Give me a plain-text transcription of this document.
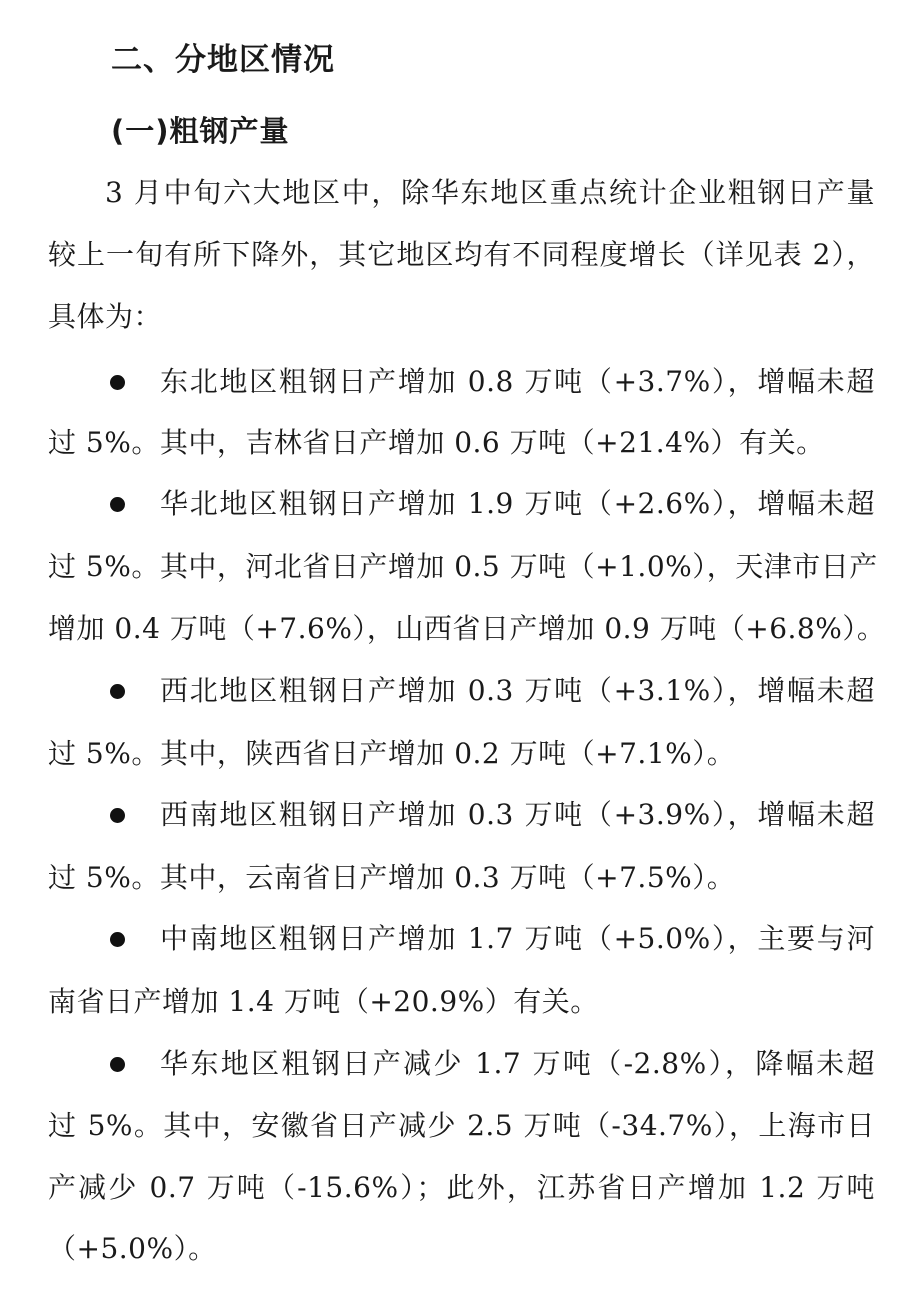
二、分地区情况
(一)粗钢产量
3 月中旬六大地区中，除华东地区重点统计企业粗钢日产量
较上一旬有所下降外，其它地区均有不同程度增长（详见表 2），
具体为：
东北地区粗钢日产增加 0.8 万吨（+3.7%），增幅未超
过 5%。其中，吉林省日产增加 0.6 万吨（+21.4%）有关。
华北地区粗钢日产增加 1.9 万吨（+2.6%），增幅未超
过 5%。其中，河北省日产增加 0.5 万吨（+1.0%），天津市日产
增加 0.4 万吨（+7.6%），山西省日产增加 0.9 万吨（+6.8%）。
西北地区粗钢日产增加 0.3 万吨（+3.1%），增幅未超
过 5%。其中，陕西省日产增加 0.2 万吨（+7.1%）。
西南地区粗钢日产增加 0.3 万吨（+3.9%），增幅未超
过 5%。其中，云南省日产增加 0.3 万吨（+7.5%）。
中南地区粗钢日产增加 1.7 万吨（+5.0%），主要与河
南省日产增加 1.4 万吨（+20.9%）有关。
华东地区粗钢日产减少 1.7 万吨（-2.8%），降幅未超
过 5%。其中，安徽省日产减少 2.5 万吨（-34.7%），上海市日
产减少 0.7 万吨（-15.6%）；此外，江苏省日产增加 1.2 万吨
（+5.0%）。
